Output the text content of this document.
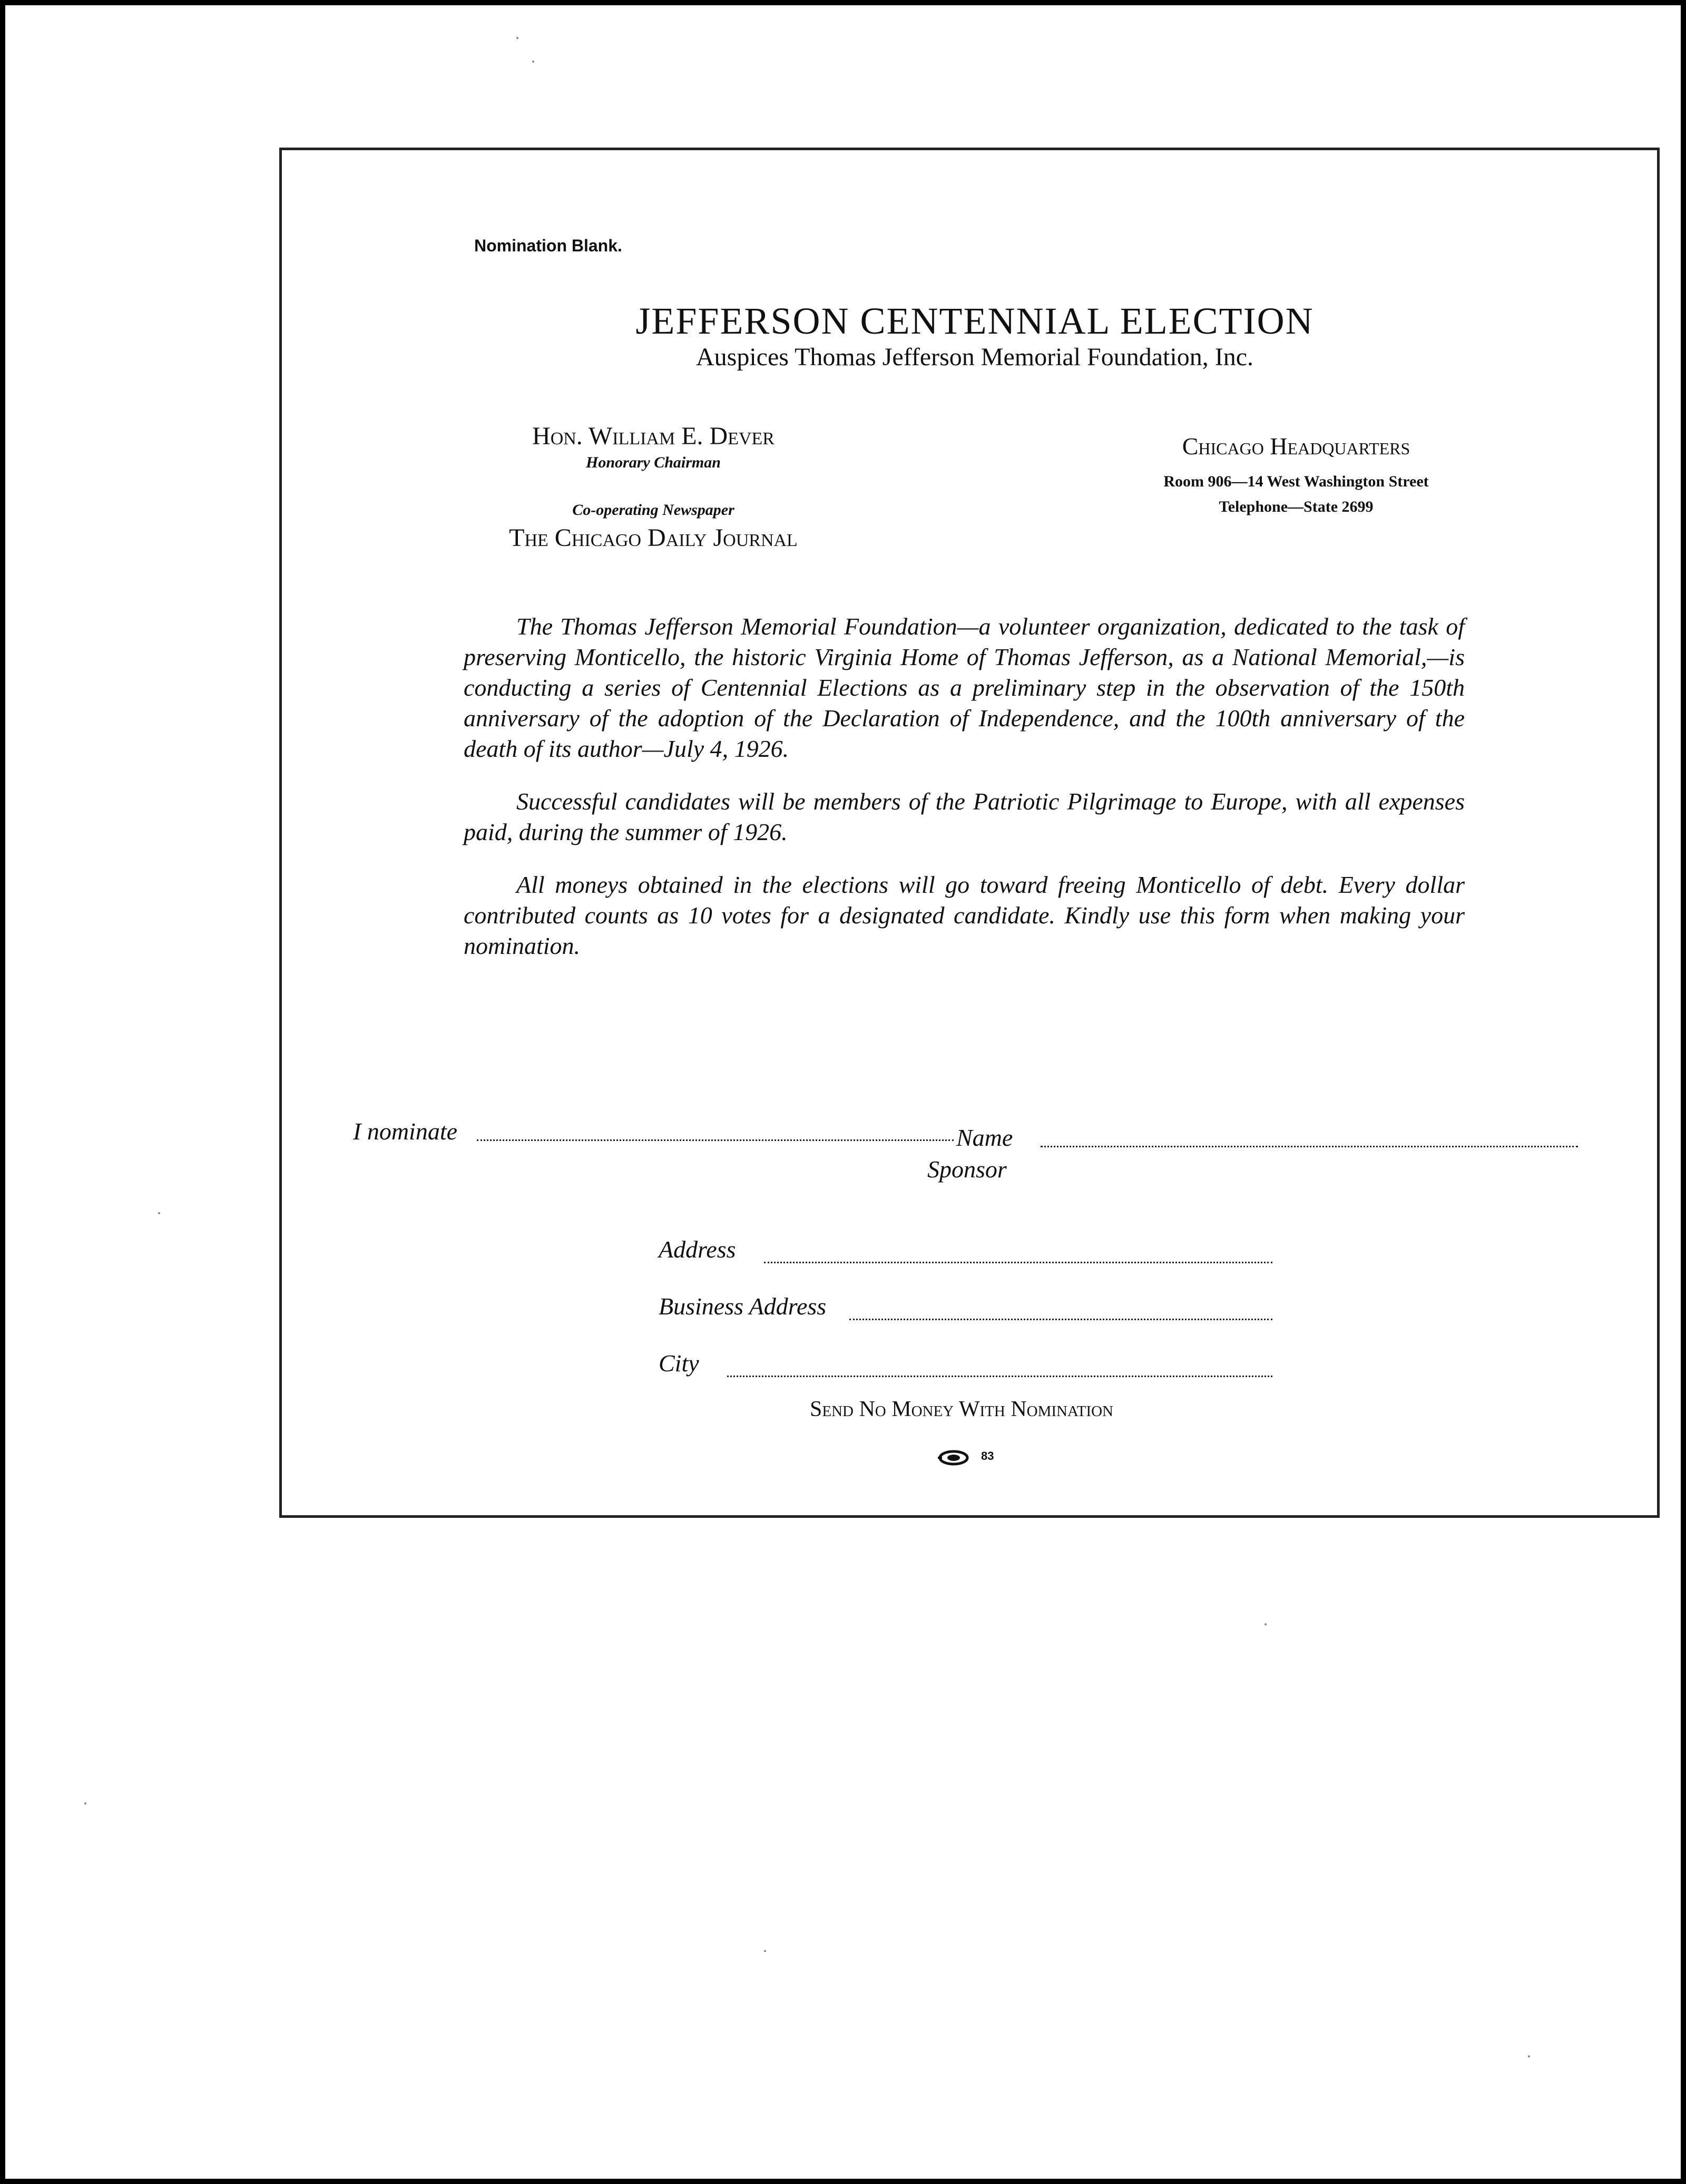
Nomination Blank.
JEFFERSON CENTENNIAL ELECTION
Auspices Thomas Jefferson Memorial Foundation, Inc.
Hon. William E. Dever
Honorary Chairman
Co-operating Newspaper
The Chicago Daily Journal
Chicago Headquarters
Room 906—14 West Washington Street
Telephone—State 2699

The Thomas Jefferson Memorial Foundation—a volunteer organization, dedicated to the task of preserving Monticello, the historic Virginia Home of Thomas Jefferson, as a National Memorial,—is conducting a series of Centennial Elections as a preliminary step in the observation of the 150th anniversary of the adoption of the Declaration of Independence, and the 100th anniversary of the death of its author—July 4, 1926.

Successful candidates will be members of the Patriotic Pilgrimage to Europe, with all expenses paid, during the summer of 1926.

All moneys obtained in the elections will go toward freeing Monticello of debt. Every dollar contributed counts as 10 votes for a designated candidate. Kindly use this form when making your nomination.

I nominate	Name
Sponsor
Address
Business Address
City
Send No Money With Nomination
83
